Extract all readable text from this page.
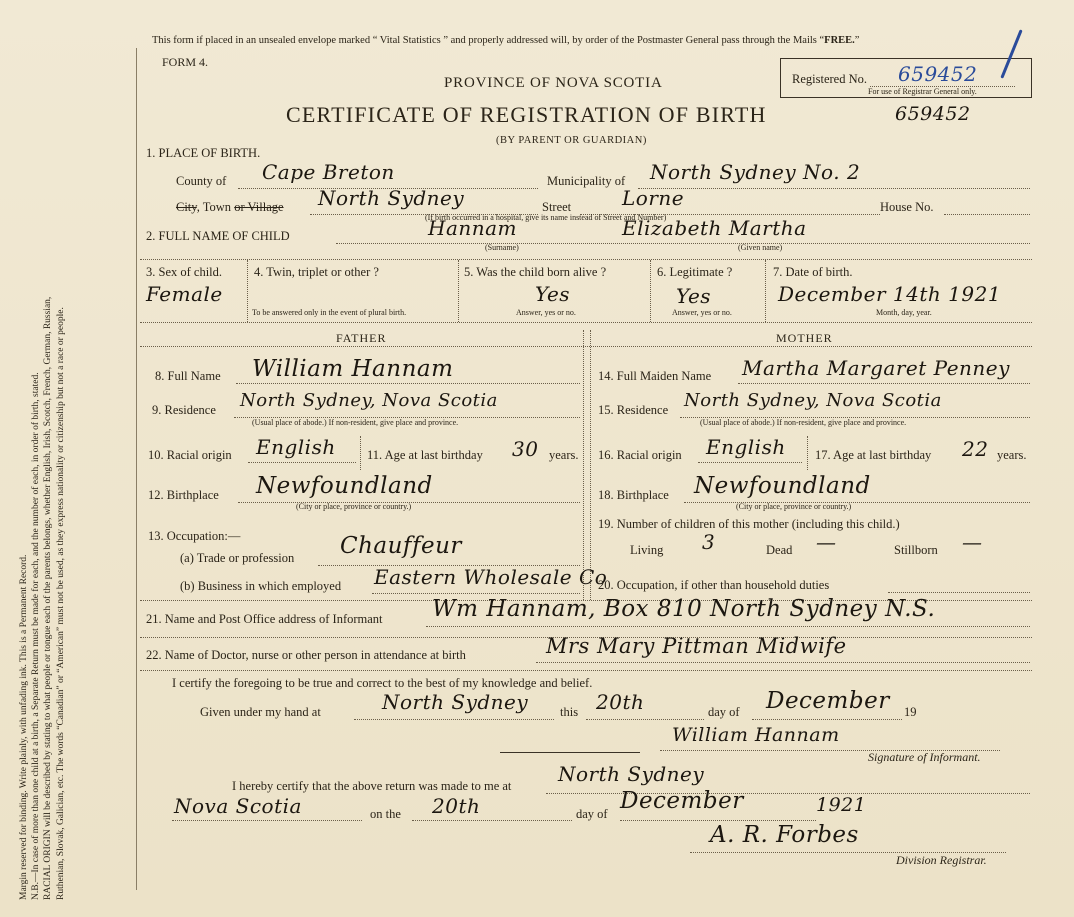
Margin reserved for binding. Write plainly, with unfading ink. This is a Permanent Record. N.B.—In case of more than one child at a birth, a Separate Return must be made for each, and the number of each, in order of birth, stated. RACIAL ORIGIN will be described by stating to what people or tongue each of the parents belongs, whether English, Irish, Scotch, French, German, Russian, Ruthenian, Slovak, Galician, etc. The words “Canadian” or “American” must not be used, as they express nationality or citizenship but not a race or people.
This form if placed in an unsealed envelope marked “ Vital Statistics ” and properly addressed will, by order of the Postmaster General pass through the Mails “FREE.”
FORM 4.
Registered No. 659452
For use of Registrar General only.
PROVINCE OF NOVA SCOTIA
CERTIFICATE OF REGISTRATION OF BIRTH	659452
(BY PARENT OR GUARDIAN)
1. PLACE OF BIRTH.
County of Cape Breton	Municipality of North Sydney No. 2
City, Town or Village North Sydney	Street	Lorne	House No.
(If birth occurred in a hospital, give its name instead of Street and Number)
2. FULL NAME OF CHILD	Hannam
(Surname)
Elizabeth Martha
(Given name)
3. Sex of child.
Female
4. Twin, triplet or other ?
To be answered only in the event of plural birth.
5. Was the child born alive ?
Yes
Answer, yes or no.
6. Legitimate ?
Yes
Answer, yes or no.
7. Date of birth.
December 14th 1921
Month, day, year.
FATHER	MOTHER
8. Full Name William Hannam
9. Residence North Sydney, Nova Scotia
(Usual place of abode.) If non-resident, give place and province.
10. Racial origin English	11. Age at last birthday 30 years.
12. Birthplace Newfoundland
(City or place, province or country.)
13. Occupation:—
(a) Trade or profession Chauffeur
(b) Business in which employed Eastern Wholesale Co
14. Full Maiden Name Martha Margaret Penney
15. Residence North Sydney, Nova Scotia
(Usual place of abode.) If non-resident, give place and province.
16. Racial origin English 17. Age at last birthday 22 years.
18. Birthplace Newfoundland
(City or place, province or country.)
19. Number of children of this mother (including this child.)
Living 3	Dead —	Stillborn —
20. Occupation, if other than household duties
21. Name and Post Office address of Informant Wm Hannam, Box 810 North Sydney N.S.
22. Name of Doctor, nurse or other person in attendance at birth	Mrs Mary Pittman Midwife
I certify the foregoing to be true and correct to the best of my knowledge and belief.
Given under my hand at	North Sydney	this 20th	day of December 19
William Hannam
Signature of Informant.
I hereby certify that the above return was made to me at North Sydney
Nova Scotia	on the 20th	day of December	1921
A. R. Forbes
Division Registrar.
